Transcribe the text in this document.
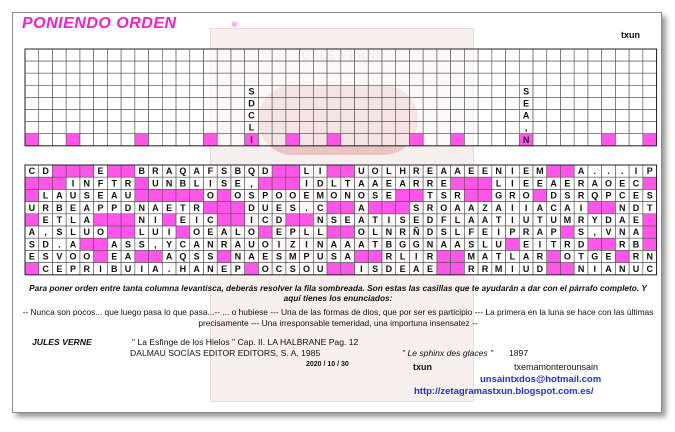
PONIENDO ORDEN	®
txun
S	S
D	E
C	A
L	,
I	N
C D	E	B R A Q A F S B Q D	L I	U O L H R E A A E E N I E M	A . . . I P
I N F T R U N B L I S E ,	I D L T A A E A R R E	L I E E A E R A O E C
L A U S E A U	O O S P O O E M O N O S E	T S R	G R O D S R Q P C E S
U R B E A P P D N A E T R	D U E S . C	A	S R O A A Z A I I A C A I	N D T
E T L A	N I	E I C	I C D	N S E A T I S E D F L A A T I U T U M R Y D A E
A , S L U O	L U I	O E A L O E P L L	O L N R Ñ D S L F E I P R A P S , V N A
S D . A	A S S , Y C A N R A U O I Z I N A A A T B G G N A A S L U E I T R D	R B
E S V O O E A	A Q S S N A E S M P U S A	R L I R	M A T L A R O T G E R N
C E P R I B U I A . H A N E P O C S O U	I S D E A E	R R M I U D	N I A N U C
Para poner orden entre tanta columna levantisca, deberás resolver la fila sombreada. Son estas las casillas que te ayudarán a dar con el párrafo completo. Y aquí tienes los enunciados:
-- Nunca son pocos... que luego pasa lo que pasa...-- ... o hubiese --- Una de las formas de dios, que por ser es participio --- La primera en la luna se hace con las últimas precisamente --- Una irresponsable temeridad, una importuna insensatez --
JULES VERNE	" La Esfinge de los Hielos " Cap. II. LA HALBRANE Pag. 12
DALMAU SOCÍAS EDITOR EDITORS, S. A. 1985	" Le sphinx des glaces " 1897
2020 / 10 / 30	txun	txemamonterounsain
unsaintxdos@hotmail.com
http://zetagramastxun.blogspot.com.es/
